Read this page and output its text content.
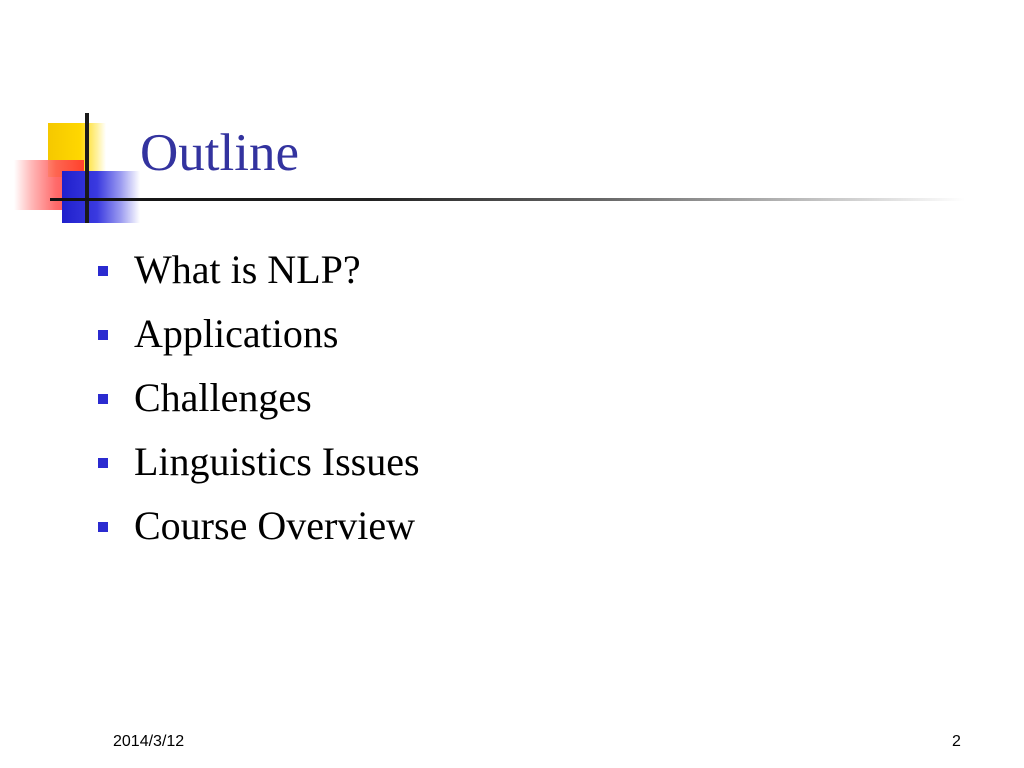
Outline
What is NLP?
Applications
Challenges
Linguistics Issues
Course Overview
2014/3/12	2
